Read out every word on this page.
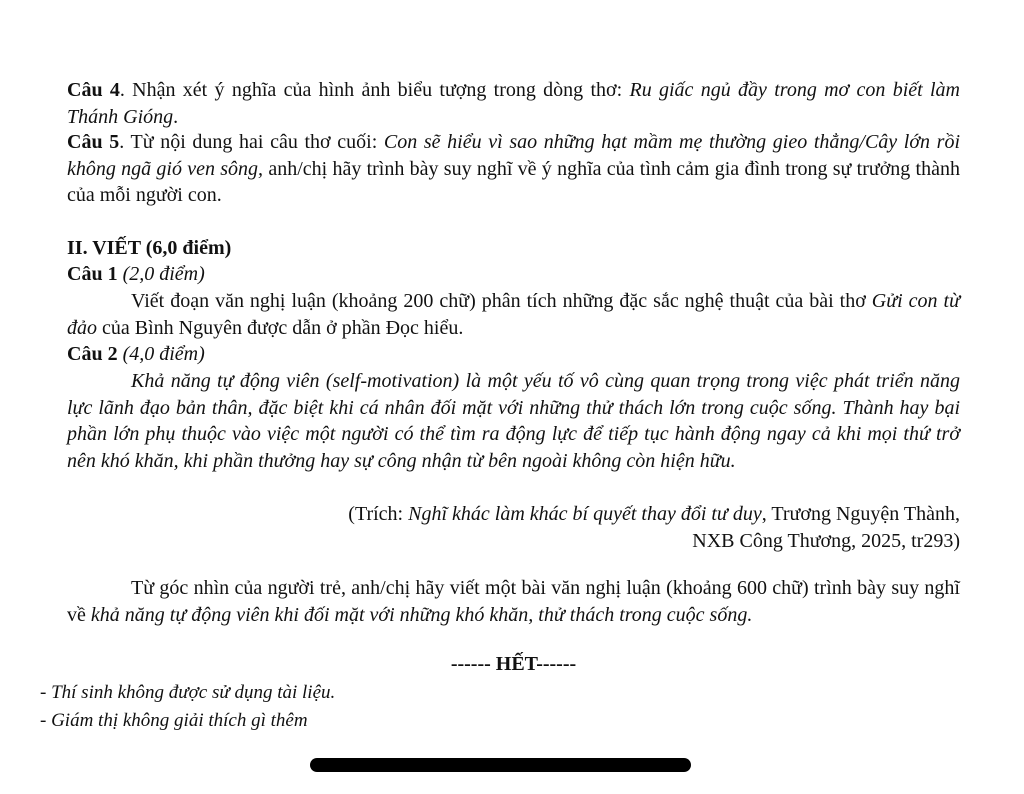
Câu 4. Nhận xét ý nghĩa của hình ảnh biểu tượng trong dòng thơ: Ru giấc ngủ đầy trong mơ con biết làm Thánh Gióng.
Câu 5. Từ nội dung hai câu thơ cuối: Con sẽ hiểu vì sao những hạt mầm mẹ thường gieo thẳng/Cây lớn rồi không ngã gió ven sông, anh/chị hãy trình bày suy nghĩ về ý nghĩa của tình cảm gia đình trong sự trưởng thành của mỗi người con.
II. VIẾT (6,0 điểm)
Câu 1 (2,0 điểm)
Viết đoạn văn nghị luận (khoảng 200 chữ) phân tích những đặc sắc nghệ thuật của bài thơ Gửi con từ đảo của Bình Nguyên được dẫn ở phần Đọc hiểu.
Câu 2 (4,0 điểm)
Khả năng tự động viên (self-motivation) là một yếu tố vô cùng quan trọng trong việc phát triển năng lực lãnh đạo bản thân, đặc biệt khi cá nhân đối mặt với những thử thách lớn trong cuộc sống. Thành hay bại phần lớn phụ thuộc vào việc một người có thể tìm ra động lực để tiếp tục hành động ngay cả khi mọi thứ trở nên khó khăn, khi phần thưởng hay sự công nhận từ bên ngoài không còn hiện hữu.
(Trích: Nghĩ khác làm khác bí quyết thay đổi tư duy, Trương Nguyện Thành,
NXB Công Thương, 2025, tr293)
Từ góc nhìn của người trẻ, anh/chị hãy viết một bài văn nghị luận (khoảng 600 chữ) trình bày suy nghĩ về khả năng tự động viên khi đối mặt với những khó khăn, thử thách trong cuộc sống.
------ HẾT------
- Thí sinh không được sử dụng tài liệu.
- Giám thị không giải thích gì thêm
